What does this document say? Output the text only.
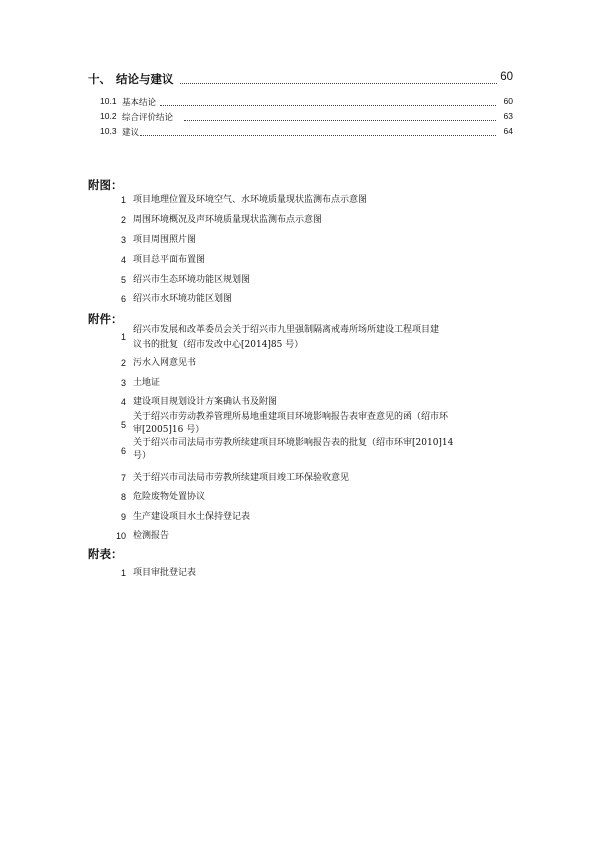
十、 结论与建议	60
10.1 基本结论	60
10.2 综合评价结论	63
10.3 建议	64
附图：
1 项目地理位置及环境空气、水环境质量现状监测布点示意图
2 周围环境概况及声环境质量现状监测布点示意图
3 项目周围照片图
4 项目总平面布置图
5 绍兴市生态环境功能区规划图
6 绍兴市水环境功能区划图
附件：
1
绍兴市发展和改革委员会关于绍兴市九里强制隔离戒毒所场所建设工程项目建
议书的批复（绍市发改中心[2014]85 号）
2 污水入网意见书
3 土地证
4 建设项目规划设计方案确认书及附图
5
关于绍兴市劳动教养管理所易地重建项目环境影响报告表审查意见的函（绍市环
审[2005]16 号）
6
关于绍兴市司法局市劳教所续建项目环境影响报告表的批复（绍市环审[2010]14
号）
7 关于绍兴市司法局市劳教所续建项目竣工环保验收意见
8 危险废物处置协议
9 生产建设项目水土保持登记表
10 检测报告
附表：
1 项目审批登记表
